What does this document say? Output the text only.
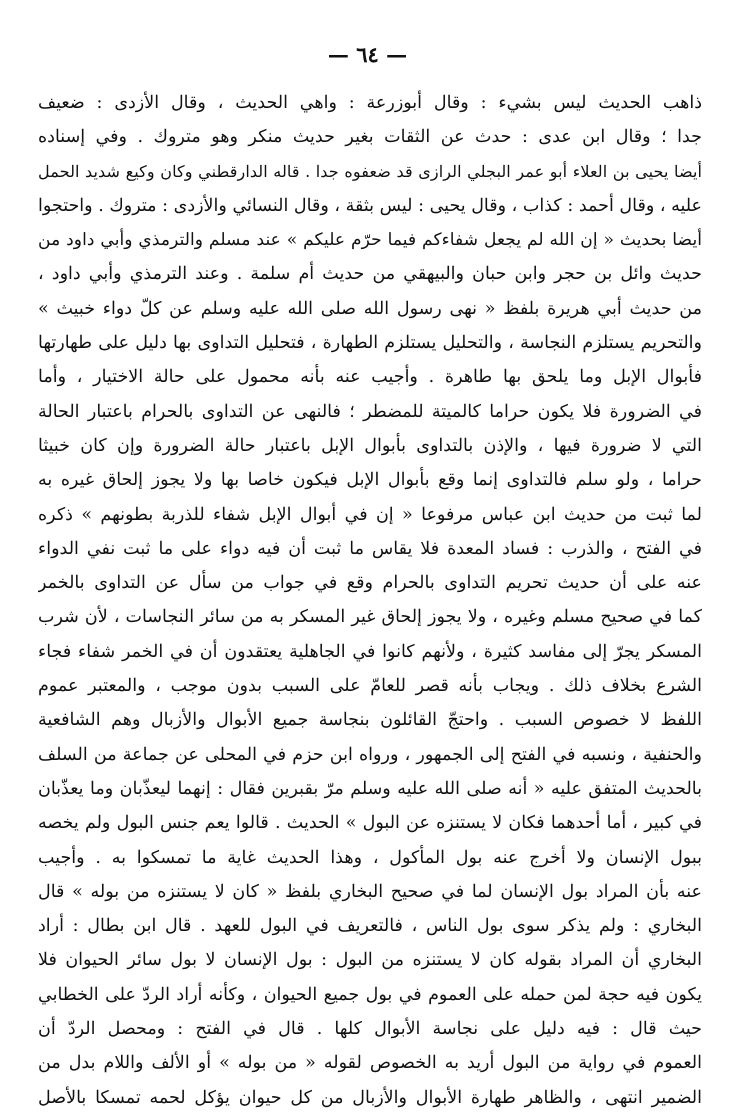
— ٦٤ —
ذاهب الحديث ليس بشيء : وقال أبوزرعة : واهي الحديث ، وقال الأزدى : ضعيف
جدا ؛ وقال ابن عدى : حدث عن الثقات بغير حديث منكر وهو متروك . وفي إسناده
أيضا يحيى بن العلاء أبو عمر البجلي الرازى قد ضعفوه جدا . قاله الدارقطني وكان وكيع شديد الحمل
عليه ، وقال أحمد : كذاب ، وقال يحيى : ليس بثقة ، وقال النسائي والأزدى : متروك . واحتجوا
أيضا بحديث « إن الله لم يجعل شفاءكم فيما حرّم عليكم » عند مسلم والترمذي وأبي داود من
حديث وائل بن حجر وابن حبان والبيهقي من حديث أم سلمة . وعند الترمذي وأبي داود ،
من حديث أبي هريرة بلفظ « نهى رسول الله صلى الله عليه وسلم عن كلّ دواء خبيث »
والتحريم يستلزم النجاسة ، والتحليل يستلزم الطهارة ، فتحليل التداوى بها دليل على طهارتها
فأبوال الإبل وما يلحق بها طاهرة . وأجيب عنه بأنه محمول على حالة الاختيار ، وأما
في الضرورة فلا يكون حراما كالميتة للمضطر ؛ فالنهى عن التداوى بالحرام باعتبار الحالة
التي لا ضرورة فيها ، والإذن بالتداوى بأبوال الإبل باعتبار حالة الضرورة وإن كان خبيثا
حراما ، ولو سلم فالتداوى إنما وقع بأبوال الإبل فيكون خاصا بها ولا يجوز إلحاق غيره به
لما ثبت من حديث ابن عباس مرفوعا « إن في أبوال الإبل شفاء للذربة بطونهم » ذكره
في الفتح ، والذرب : فساد المعدة فلا يقاس ما ثبت أن فيه دواء على ما ثبت نفي الدواء
عنه على أن حديث تحريم التداوى بالحرام وقع في جواب من سأل عن التداوى بالخمر
كما في صحيح مسلم وغيره ، ولا يجوز إلحاق غير المسكر به من سائر النجاسات ، لأن شرب
المسكر يجرّ إلى مفاسد كثيرة ، ولأنهم كانوا في الجاهلية يعتقدون أن في الخمر شفاء فجاء
الشرع بخلاف ذلك . ويجاب بأنه قصر للعامّ على السبب بدون موجب ، والمعتبر عموم
اللفظ لا خصوص السبب . واحتجّ القائلون بنجاسة جميع الأبوال والأزبال وهم الشافعية
والحنفية ، ونسبه في الفتح إلى الجمهور ، ورواه ابن حزم في المحلى عن جماعة من السلف
بالحديث المتفق عليه « أنه صلى الله عليه وسلم مرّ بقبرين فقال : إنهما ليعذّبان وما يعذّبان
في كبير ، أما أحدهما فكان لا يستنزه عن البول » الحديث . قالوا يعم جنس البول ولم يخصه
ببول الإنسان ولا أخرج عنه بول المأكول ، وهذا الحديث غاية ما تمسكوا به . وأجيب
عنه بأن المراد بول الإنسان لما في صحيح البخاري بلفظ « كان لا يستنزه من بوله » قال
البخاري : ولم يذكر سوى بول الناس ، فالتعريف في البول للعهد . قال ابن بطال : أراد
البخاري أن المراد بقوله كان لا يستنزه من البول : بول الإنسان لا بول سائر الحيوان فلا
يكون فيه حجة لمن حمله على العموم في بول جميع الحيوان ، وكأنه أراد الردّ على الخطابي
حيث قال : فيه دليل على نجاسة الأبوال كلها . قال في الفتح : ومحصل الردّ أن
العموم في رواية من البول أريد به الخصوص لقوله « من بوله » أو الألف واللام بدل من
الضمير انتهى ، والظاهر طهارة الأبوال والأزبال من كل حيوان يؤكل لحمه تمسكا بالأصل
